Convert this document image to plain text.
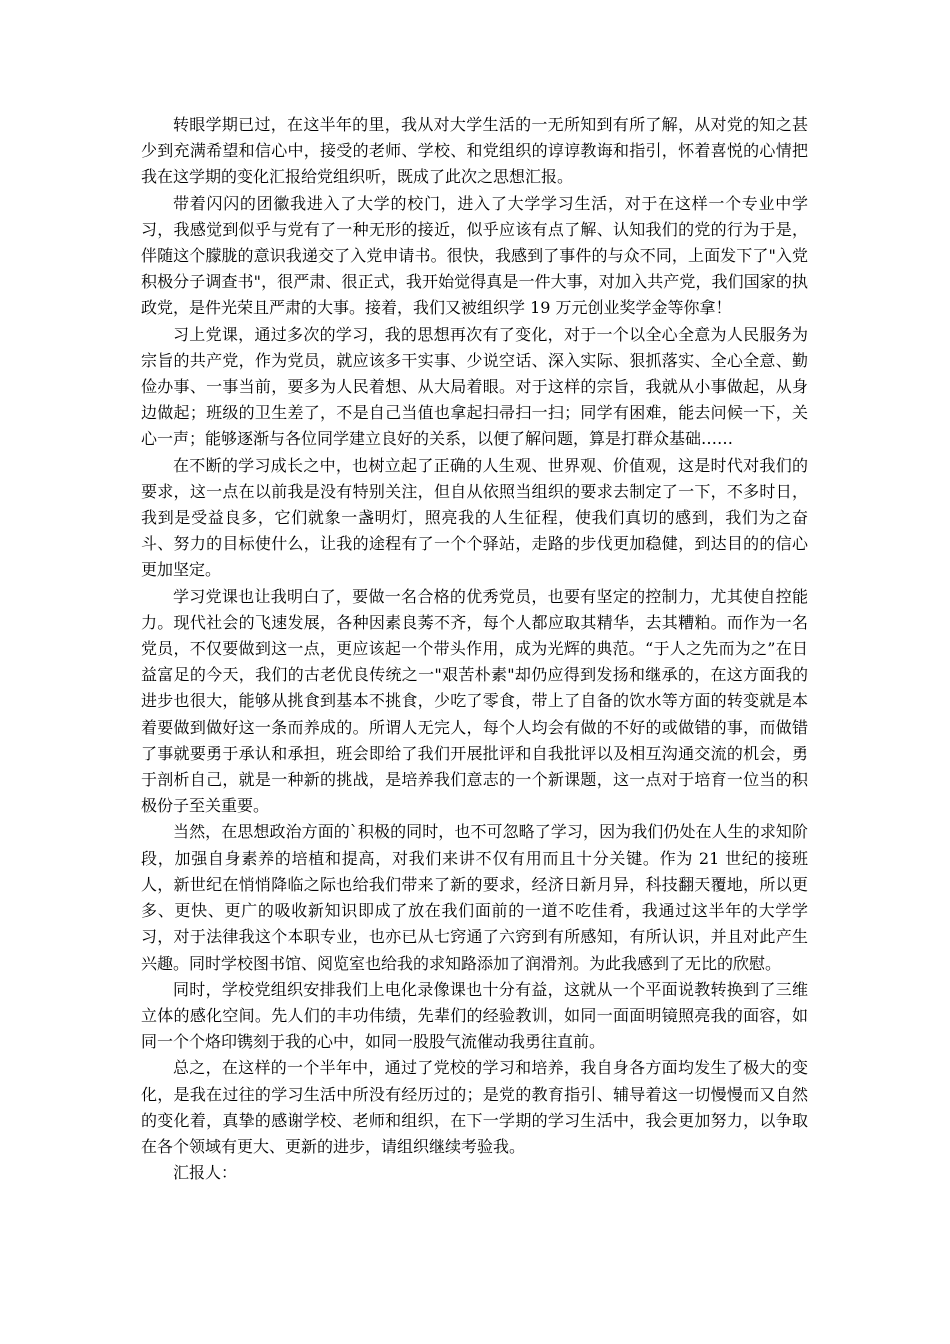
转眼学期已过，在这半年的里，我从对大学生活的一无所知到有所了解，从对党的知之甚少到充满希望和信心中，接受的老师、学校、和党组织的谆谆教诲和指引，怀着喜悦的心情把我在这学期的变化汇报给党组织听，既成了此次之思想汇报。

带着闪闪的团徽我进入了大学的校门，进入了大学学习生活，对于在这样一个专业中学习，我感觉到似乎与党有了一种无形的接近，似乎应该有点了解、认知我们的党的行为于是，伴随这个朦胧的意识我递交了入党申请书。很快，我感到了事件的与众不同，上面发下了"入党积极分子调查书"，很严肃、很正式，我开始觉得真是一件大事，对加入共产党，我们国家的执政党，是件光荣且严肃的大事。接着，我们又被组织学 19 万元创业奖学金等你拿！

习上党课，通过多次的学习，我的思想再次有了变化，对于一个以全心全意为人民服务为宗旨的共产党，作为党员，就应该多干实事、少说空话、深入实际、狠抓落实、全心全意、勤俭办事、一事当前，要多为人民着想、从大局着眼。对于这样的宗旨，我就从小事做起，从身边做起；班级的卫生差了，不是自己当值也拿起扫帚扫一扫；同学有困难，能去问候一下，关心一声；能够逐渐与各位同学建立良好的关系，以便了解问题，算是打群众基础……

在不断的学习成长之中，也树立起了正确的人生观、世界观、价值观，这是时代对我们的要求，这一点在以前我是没有特别关注，但自从依照当组织的要求去制定了一下，不多时日，我到是受益良多，它们就象一盏明灯，照亮我的人生征程，使我们真切的感到，我们为之奋斗、努力的目标使什么，让我的途程有了一个个驿站，走路的步伐更加稳健，到达目的的信心更加坚定。

学习党课也让我明白了，要做一名合格的优秀党员，也要有坚定的控制力，尤其使自控能力。现代社会的飞速发展，各种因素良莠不齐，每个人都应取其精华，去其糟粕。而作为一名党员，不仅要做到这一点，更应该起一个带头作用，成为光辉的典范。“于人之先而为之”在日益富足的今天，我们的古老优良传统之一"艰苦朴素"却仍应得到发扬和继承的，在这方面我的进步也很大，能够从挑食到基本不挑食，少吃了零食，带上了自备的饮水等方面的转变就是本着要做到做好这一条而养成的。所谓人无完人，每个人均会有做的不好的或做错的事，而做错了事就要勇于承认和承担，班会即给了我们开展批评和自我批评以及相互沟通交流的机会，勇于剖析自己，就是一种新的挑战，是培养我们意志的一个新课题，这一点对于培育一位当的积极份子至关重要。

当然，在思想政治方面的`积极的同时，也不可忽略了学习，因为我们仍处在人生的求知阶段，加强自身素养的培植和提高，对我们来讲不仅有用而且十分关键。作为 21 世纪的接班人，新世纪在悄悄降临之际也给我们带来了新的要求，经济日新月异，科技翻天覆地，所以更多、更快、更广的吸收新知识即成了放在我们面前的一道不吃佳肴，我通过这半年的大学学习，对于法律我这个本职专业，也亦已从七窍通了六窍到有所感知，有所认识，并且对此产生兴趣。同时学校图书馆、阅览室也给我的求知路添加了润滑剂。为此我感到了无比的欣慰。

同时，学校党组织安排我们上电化录像课也十分有益，这就从一个平面说教转换到了三维立体的感化空间。先人们的丰功伟绩，先辈们的经验教训，如同一面面明镜照亮我的面容，如同一个个烙印镌刻于我的心中，如同一股股气流催动我勇往直前。

总之，在这样的一个半年中，通过了党校的学习和培养，我自身各方面均发生了极大的变化，是我在过往的学习生活中所没有经历过的；是党的教育指引、辅导着这一切慢慢而又自然的变化着，真挚的感谢学校、老师和组织，在下一学期的学习生活中，我会更加努力，以争取在各个领域有更大、更新的进步，请组织继续考验我。

汇报人：
